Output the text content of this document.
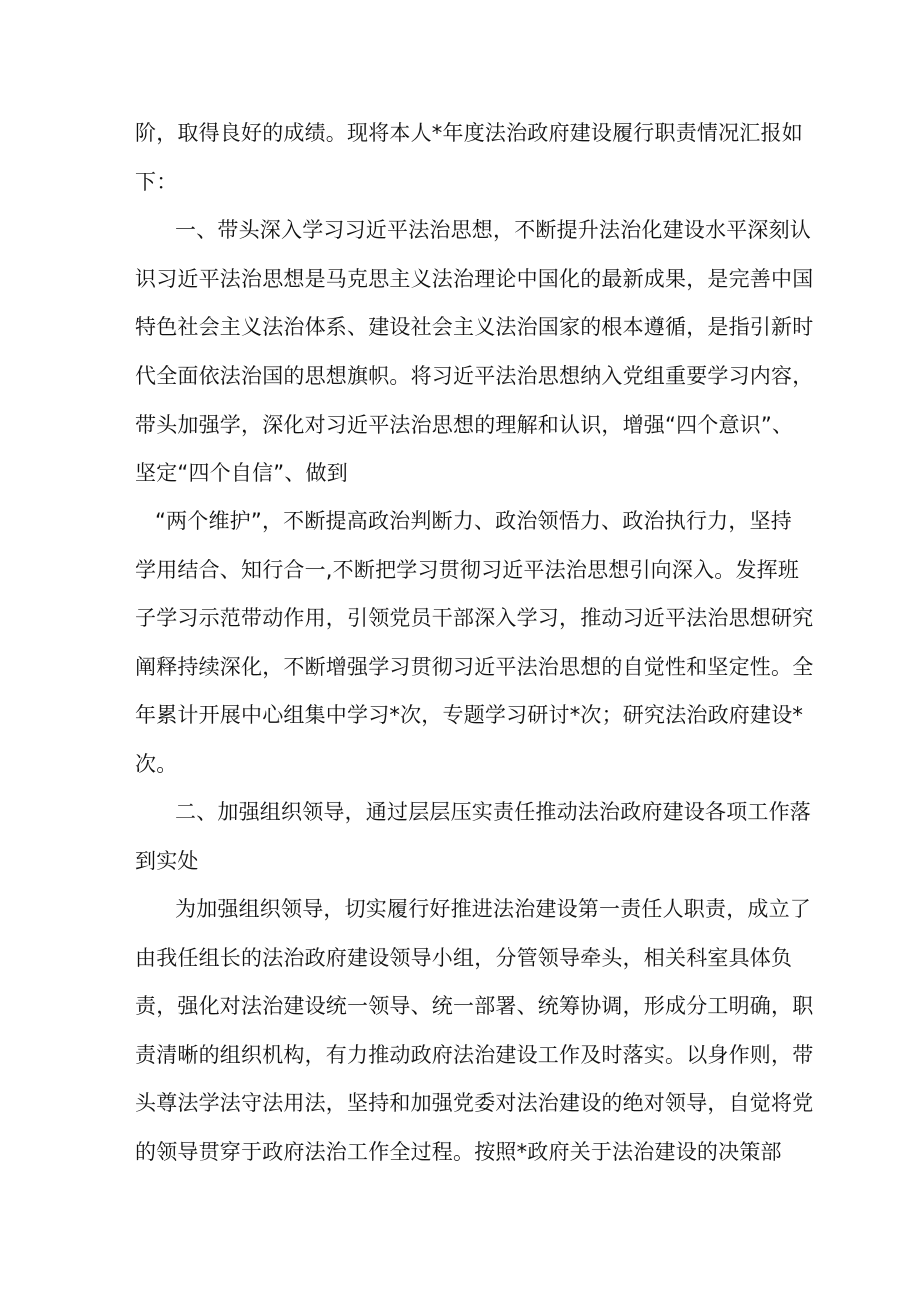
阶，取得良好的成绩。现将本人*年度法治政府建设履行职责情况汇报如
下：
一、带头深入学习习近平法治思想，不断提升法治化建设水平深刻认
识习近平法治思想是马克思主义法治理论中国化的最新成果，是完善中国
特色社会主义法治体系、建设社会主义法治国家的根本遵循，是指引新时
代全面依法治国的思想旗帜。将习近平法治思想纳入党组重要学习内容，
带头加强学，深化对习近平法治思想的理解和认识，增强“四个意识”、
坚定“四个自信”、做到
“两个维护”，不断提高政治判断力、政治领悟力、政治执行力，坚持
学用结合、知行合一,不断把学习贯彻习近平法治思想引向深入。发挥班
子学习示范带动作用，引领党员干部深入学习，推动习近平法治思想研究
阐释持续深化，不断增强学习贯彻习近平法治思想的自觉性和坚定性。全
年累计开展中心组集中学习*次，专题学习研讨*次；研究法治政府建设*
次。
二、加强组织领导，通过层层压实责任推动法治政府建设各项工作落
到实处
为加强组织领导，切实履行好推进法治建设第一责任人职责，成立了
由我任组长的法治政府建设领导小组，分管领导牵头，相关科室具体负
责，强化对法治建设统一领导、统一部署、统筹协调，形成分工明确，职
责清晰的组织机构，有力推动政府法治建设工作及时落实。以身作则，带
头尊法学法守法用法，坚持和加强党委对法治建设的绝对领导，自觉将党
的领导贯穿于政府法治工作全过程。按照*政府关于法治建设的决策部
